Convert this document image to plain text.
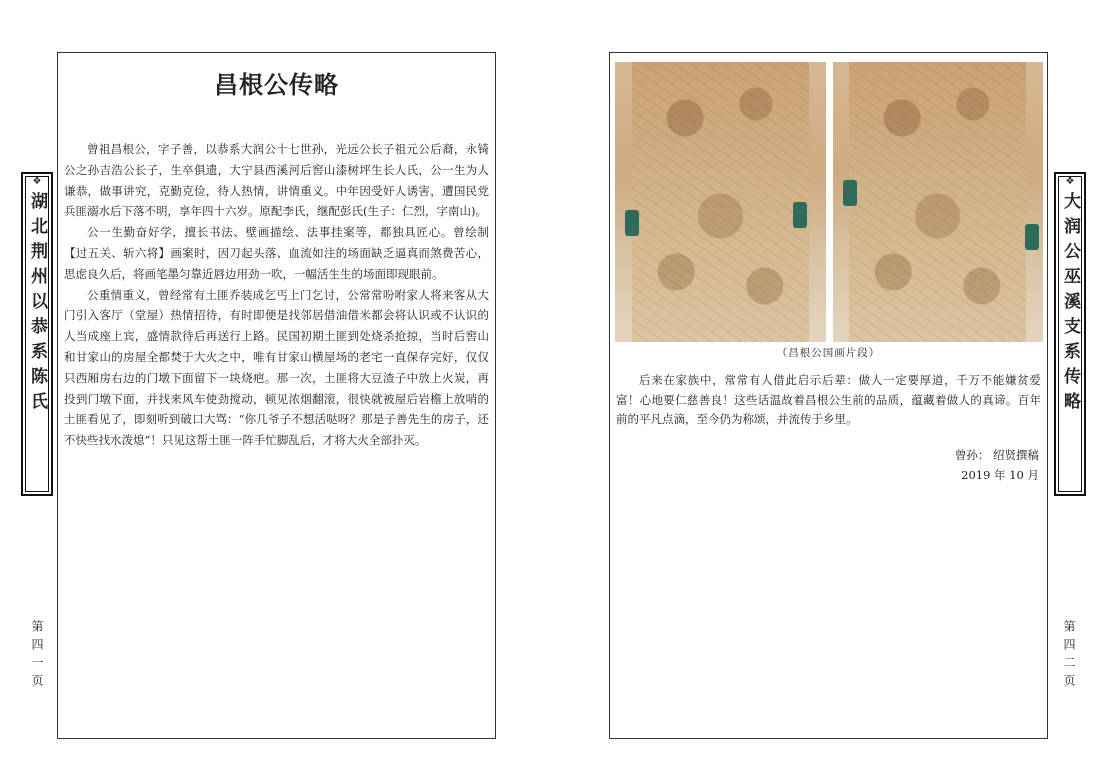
昌根公传略

曾祖昌根公，字子善，以恭系大润公十七世孙，光远公长子祖元公后裔，永锜公之孙吉浩公长子，生卒俱遗，大宁县西溪河后窖山漆树坪生长人氏，公一生为人谦恭，做事讲究，克勤克俭，待人热情，讲情重义。中年因受奸人诱害，遭国民党兵匪溺水后下落不明，享年四十六岁。原配李氏，继配彭氏(生子：仁烈，字南山)。

公一生勤奋好学，擅长书法、壁画描绘、法事挂案等，都独具匠心。曾绘制【过五关、斩六将】画案时，因刀起头落、血流如注的场面缺乏逼真而煞费苦心，思虑良久后，将画笔墨匀靠近唇边用劲一吹，一幅活生生的场面即现眼前。

公重情重义，曾经常有土匪乔装成乞丐上门乞讨，公常常吩咐家人将来客从大门引入客厅（堂屋）热情招待，有时即便是找邻居借油借米都会将认识或不认识的人当成座上宾，盛情款待后再送行上路。民国初期土匪到处烧杀抢掠，当时后窖山和甘家山的房屋全都焚于大火之中，唯有甘家山横屋场的老宅一直保存完好，仅仅只西厢房右边的门墩下面留下一块烧疤。那一次，土匪将大豆渣子中放上火炭，再投到门墩下面，并找来风车使劲搅动，顿见浓烟翻滚，很快就被屋后岩檐上放哨的土匪看见了，即刻听到破口大骂：“你几爷子不想活哒呀？那是子善先生的房子，还不快些找水泼熄”！只见这帮土匪一阵手忙脚乱后，才将大火全部扑灭。

（昌根公国画片段）

后来在家族中，常常有人借此启示后辈：做人一定要厚道，千万不能嫌贫爱富！心地要仁慈善良！这些话温故着昌根公生前的品质，蕴藏着做人的真谛。百年前的平凡点滴，至今仍为称颂，并流传于乡里。

曾孙： 绍贤撰稿
2019 年 10 月
❖
湖北荆州以恭系陈氏
❖
大润公巫溪支系传略
第四一页	第四二页
